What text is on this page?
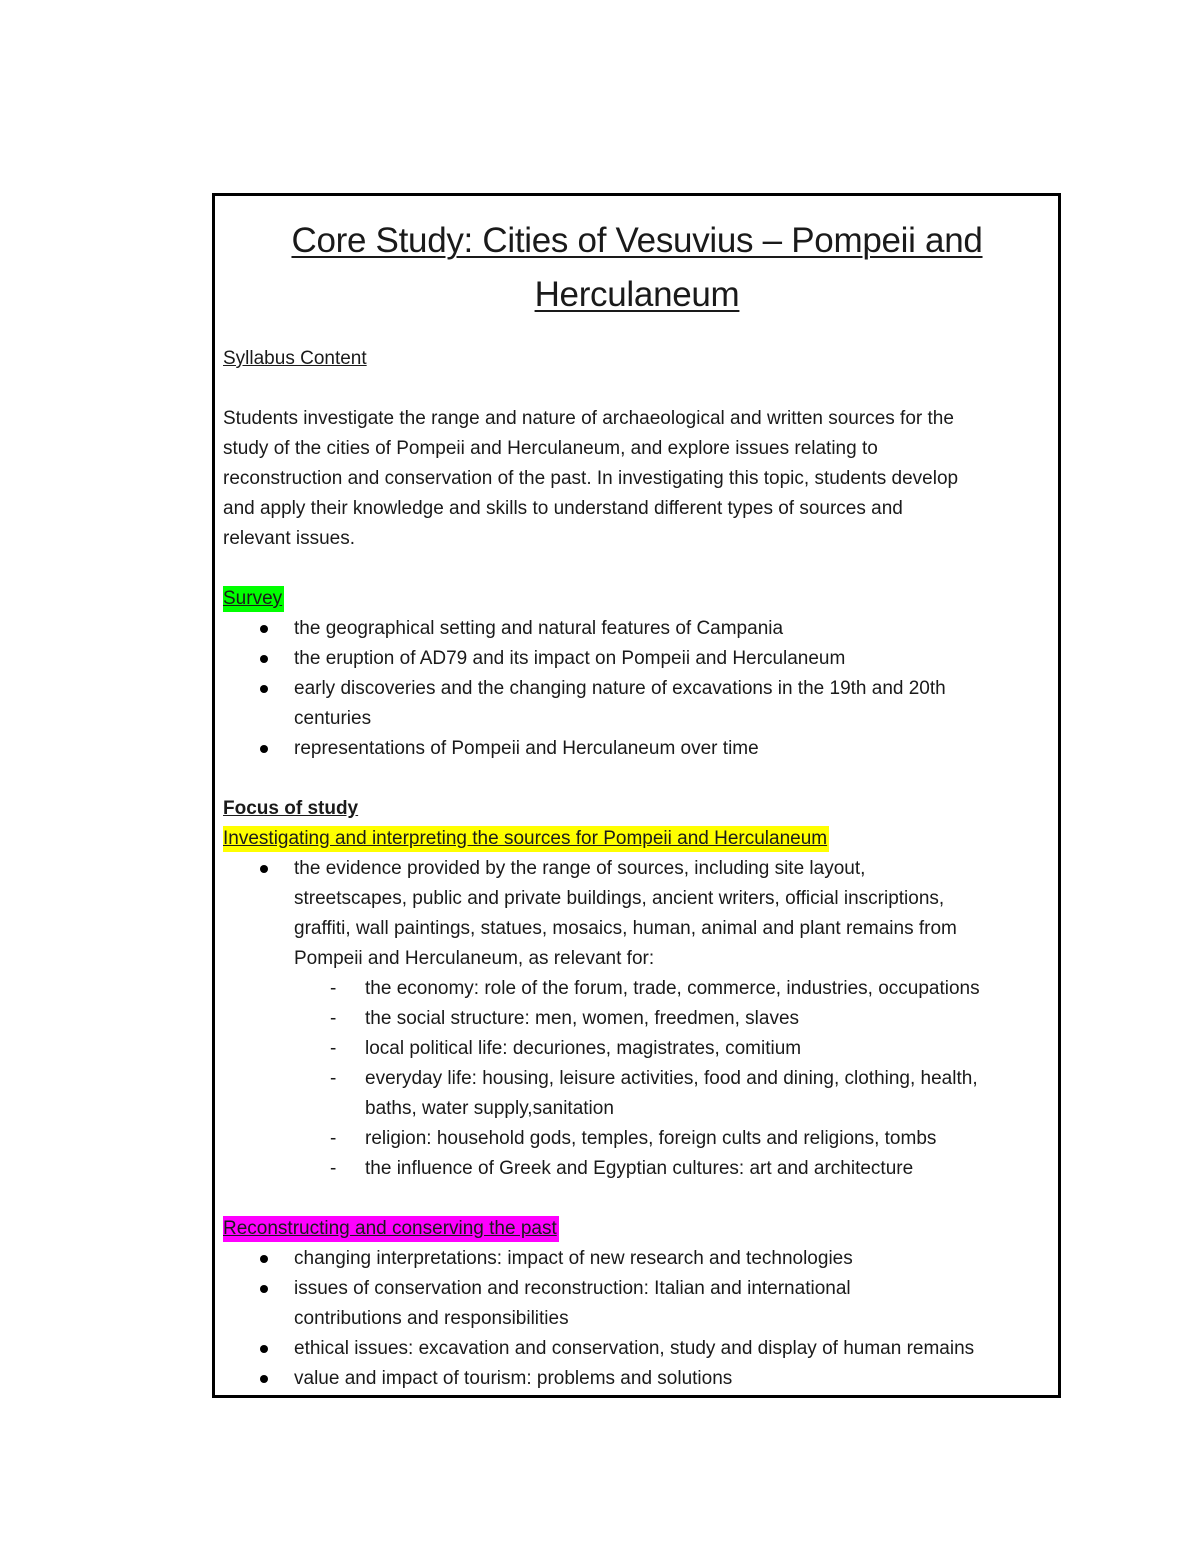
Core Study: Cities of Vesuvius – Pompeii and
Herculaneum

Syllabus Content

Students investigate the range and nature of archaeological and written sources for the

study of the cities of Pompeii and Herculaneum, and explore issues relating to

reconstruction and conservation of the past. In investigating this topic, students develop

and apply their knowledge and skills to understand different types of sources and

relevant issues.

Survey

the geographical setting and natural features of Campania
the eruption of AD79 and its impact on Pompeii and Herculaneum
early discoveries and the changing nature of excavations in the 19th and 20th
centuries
representations of Pompeii and Herculaneum over time

Focus of study

Investigating and interpreting the sources for Pompeii and Herculaneum

the evidence provided by the range of sources, including site layout,
streetscapes, public and private buildings, ancient writers, official inscriptions,
graffiti, wall paintings, statues, mosaics, human, animal and plant remains from
Pompeii and Herculaneum, as relevant for:
- the economy: role of the forum, trade, commerce, industries, occupations
- the social structure: men, women, freedmen, slaves
- local political life: decuriones, magistrates, comitium
- everyday life: housing, leisure activities, food and dining, clothing, health,
baths, water supply,sanitation
- religion: household gods, temples, foreign cults and religions, tombs
- the influence of Greek and Egyptian cultures: art and architecture

Reconstructing and conserving the past

changing interpretations: impact of new research and technologies
issues of conservation and reconstruction: Italian and international
contributions and responsibilities
ethical issues: excavation and conservation, study and display of human remains
value and impact of tourism: problems and solutions
